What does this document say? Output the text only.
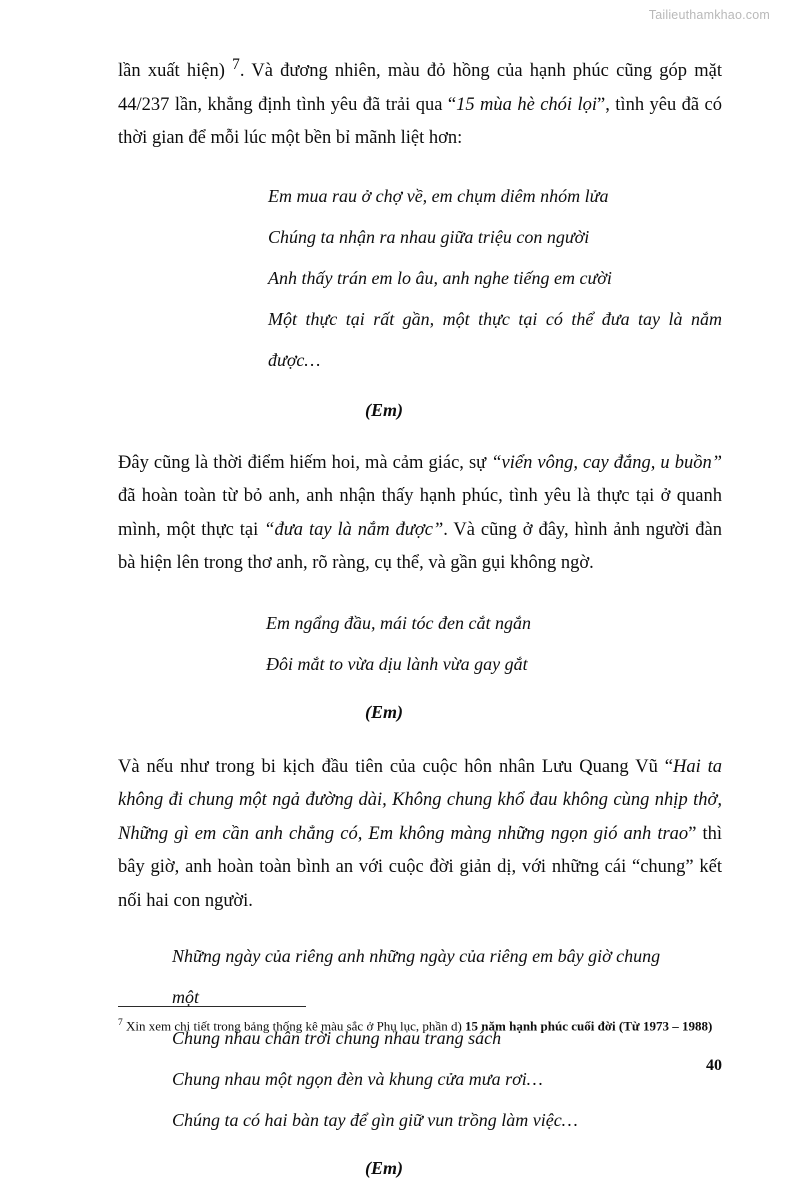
Tailieuthamkhao.com

lần xuất hiện) $^7$. Và đương nhiên, màu đỏ hồng của hạnh phúc cũng góp mặt 44/237 lần, khẳng định tình yêu đã trải qua “15 mùa hè chói lọi”, tình yêu đã có thời gian để mỗi lúc một bền bỉ mãnh liệt hơn:

Em mua rau ở chợ về, em chụm diêm nhóm lửa
Chúng ta nhận ra nhau giữa triệu con người
Anh thấy trán em lo âu, anh nghe tiếng em cười
Một thực tại rất gần, một thực tại có thể đưa tay là nắm được…
(Em)

Đây cũng là thời điểm hiếm hoi, mà cảm giác, sự “viển vông, cay đắng, u buồn” đã hoàn toàn từ bỏ anh, anh nhận thấy hạnh phúc, tình yêu là thực tại ở quanh mình, một thực tại “đưa tay là nắm được”. Và cũng ở đây, hình ảnh người đàn bà hiện lên trong thơ anh, rõ ràng, cụ thể, và gần gụi không ngờ.

Em ngẩng đầu, mái tóc đen cắt ngắn
Đôi mắt to vừa dịu lành vừa gay gắt
(Em)

Và nếu như trong bi kịch đầu tiên của cuộc hôn nhân Lưu Quang Vũ “Hai ta không đi chung một ngả đường dài, Không chung khổ đau không cùng nhịp thở, Những gì em cần anh chẳng có, Em không màng những ngọn gió anh trao” thì bây giờ, anh hoàn toàn bình an với cuộc đời giản dị, với những cái “chung” kết nối hai con người.

Những ngày của riêng anh những ngày của riêng em bây giờ chung một
Chung nhau chân trời chung nhau trang sách
Chung nhau một ngọn đèn và khung cửa mưa rơi…
Chúng ta có hai bàn tay để gìn giữ vun trồng làm việc…
(Em)
$^7$ Xin xem chi tiết trong bảng thống kê màu sắc ở Phụ lục, phần d) 15 năm hạnh phúc cuối đời (Từ 1973 – 1988)
40
